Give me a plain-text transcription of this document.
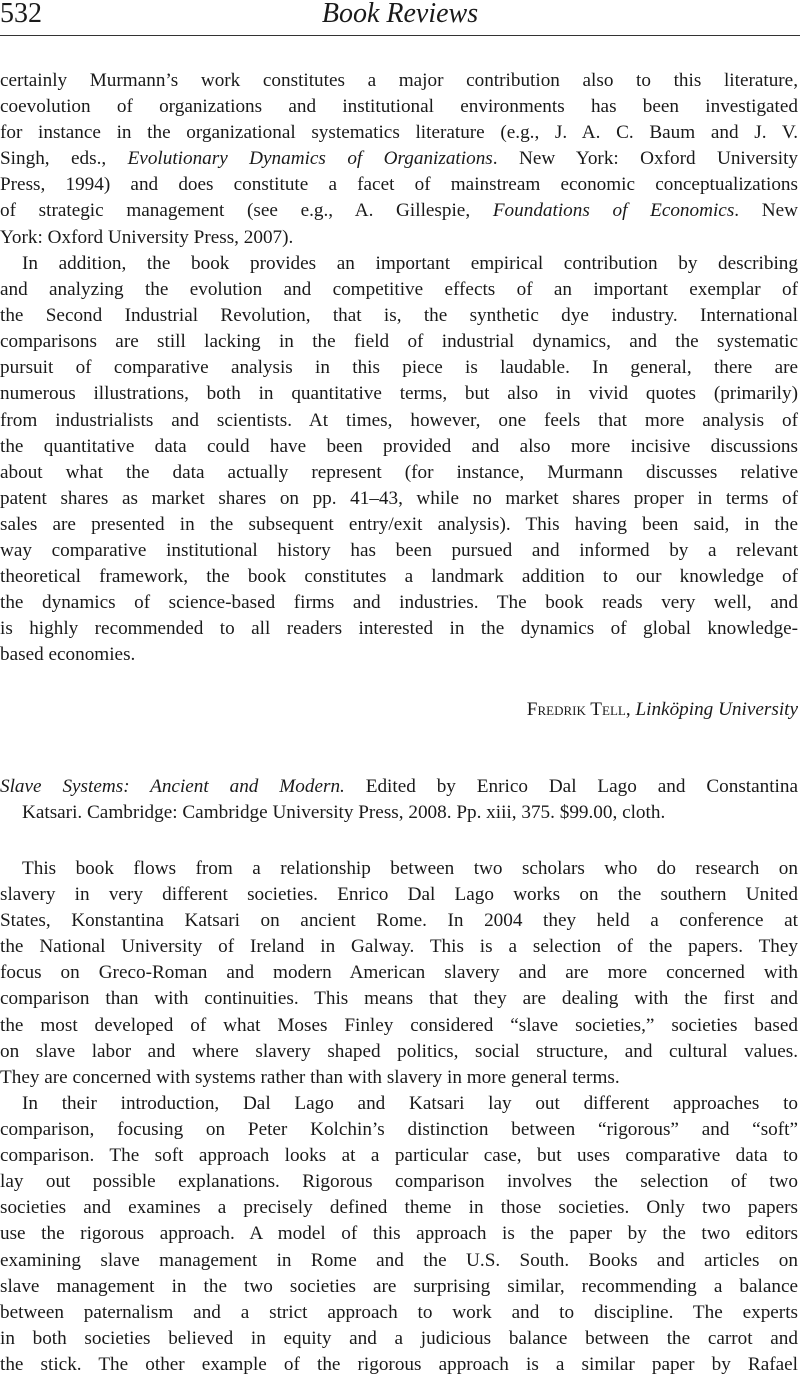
532	Book Reviews
certainly Murmann’s work constitutes a major contribution also to this literature,
coevolution of organizations and institutional environments has been investigated
for instance in the organizational systematics literature (e.g., J. A. C. Baum and J. V.
Singh, eds., Evolutionary Dynamics of Organizations. New York: Oxford University
Press, 1994) and does constitute a facet of mainstream economic conceptualizations
of strategic management (see e.g., A. Gillespie, Foundations of Economics. New
York: Oxford University Press, 2007).
In addition, the book provides an important empirical contribution by describing
and analyzing the evolution and competitive effects of an important exemplar of
the Second Industrial Revolution, that is, the synthetic dye industry. International
comparisons are still lacking in the field of industrial dynamics, and the systematic
pursuit of comparative analysis in this piece is laudable. In general, there are
numerous illustrations, both in quantitative terms, but also in vivid quotes (primarily)
from industrialists and scientists. At times, however, one feels that more analysis of
the quantitative data could have been provided and also more incisive discussions
about what the data actually represent (for instance, Murmann discusses relative
patent shares as market shares on pp. 41–43, while no market shares proper in terms of
sales are presented in the subsequent entry/exit analysis). This having been said, in the
way comparative institutional history has been pursued and informed by a relevant
theoretical framework, the book constitutes a landmark addition to our knowledge of
the dynamics of science-based firms and industries. The book reads very well, and
is highly recommended to all readers interested in the dynamics of global knowledge-
based economies.
Fredrik Tell, Linköping University
Slave Systems: Ancient and Modern. Edited by Enrico Dal Lago and Constantina
Katsari. Cambridge: Cambridge University Press, 2008. Pp. xiii, 375. $99.00, cloth.
This book flows from a relationship between two scholars who do research on
slavery in very different societies. Enrico Dal Lago works on the southern United
States, Konstantina Katsari on ancient Rome. In 2004 they held a conference at
the National University of Ireland in Galway. This is a selection of the papers. They
focus on Greco-Roman and modern American slavery and are more concerned with
comparison than with continuities. This means that they are dealing with the first and
the most developed of what Moses Finley considered “slave societies,” societies based
on slave labor and where slavery shaped politics, social structure, and cultural values.
They are concerned with systems rather than with slavery in more general terms.
In their introduction, Dal Lago and Katsari lay out different approaches to
comparison, focusing on Peter Kolchin’s distinction between “rigorous” and “soft”
comparison. The soft approach looks at a particular case, but uses comparative data to
lay out possible explanations. Rigorous comparison involves the selection of two
societies and examines a precisely defined theme in those societies. Only two papers
use the rigorous approach. A model of this approach is the paper by the two editors
examining slave management in Rome and the U.S. South. Books and articles on
slave management in the two societies are surprising similar, recommending a balance
between paternalism and a strict approach to work and to discipline. The experts
in both societies believed in equity and a judicious balance between the carrot and
the stick. The other example of the rigorous approach is a similar paper by Rafael
